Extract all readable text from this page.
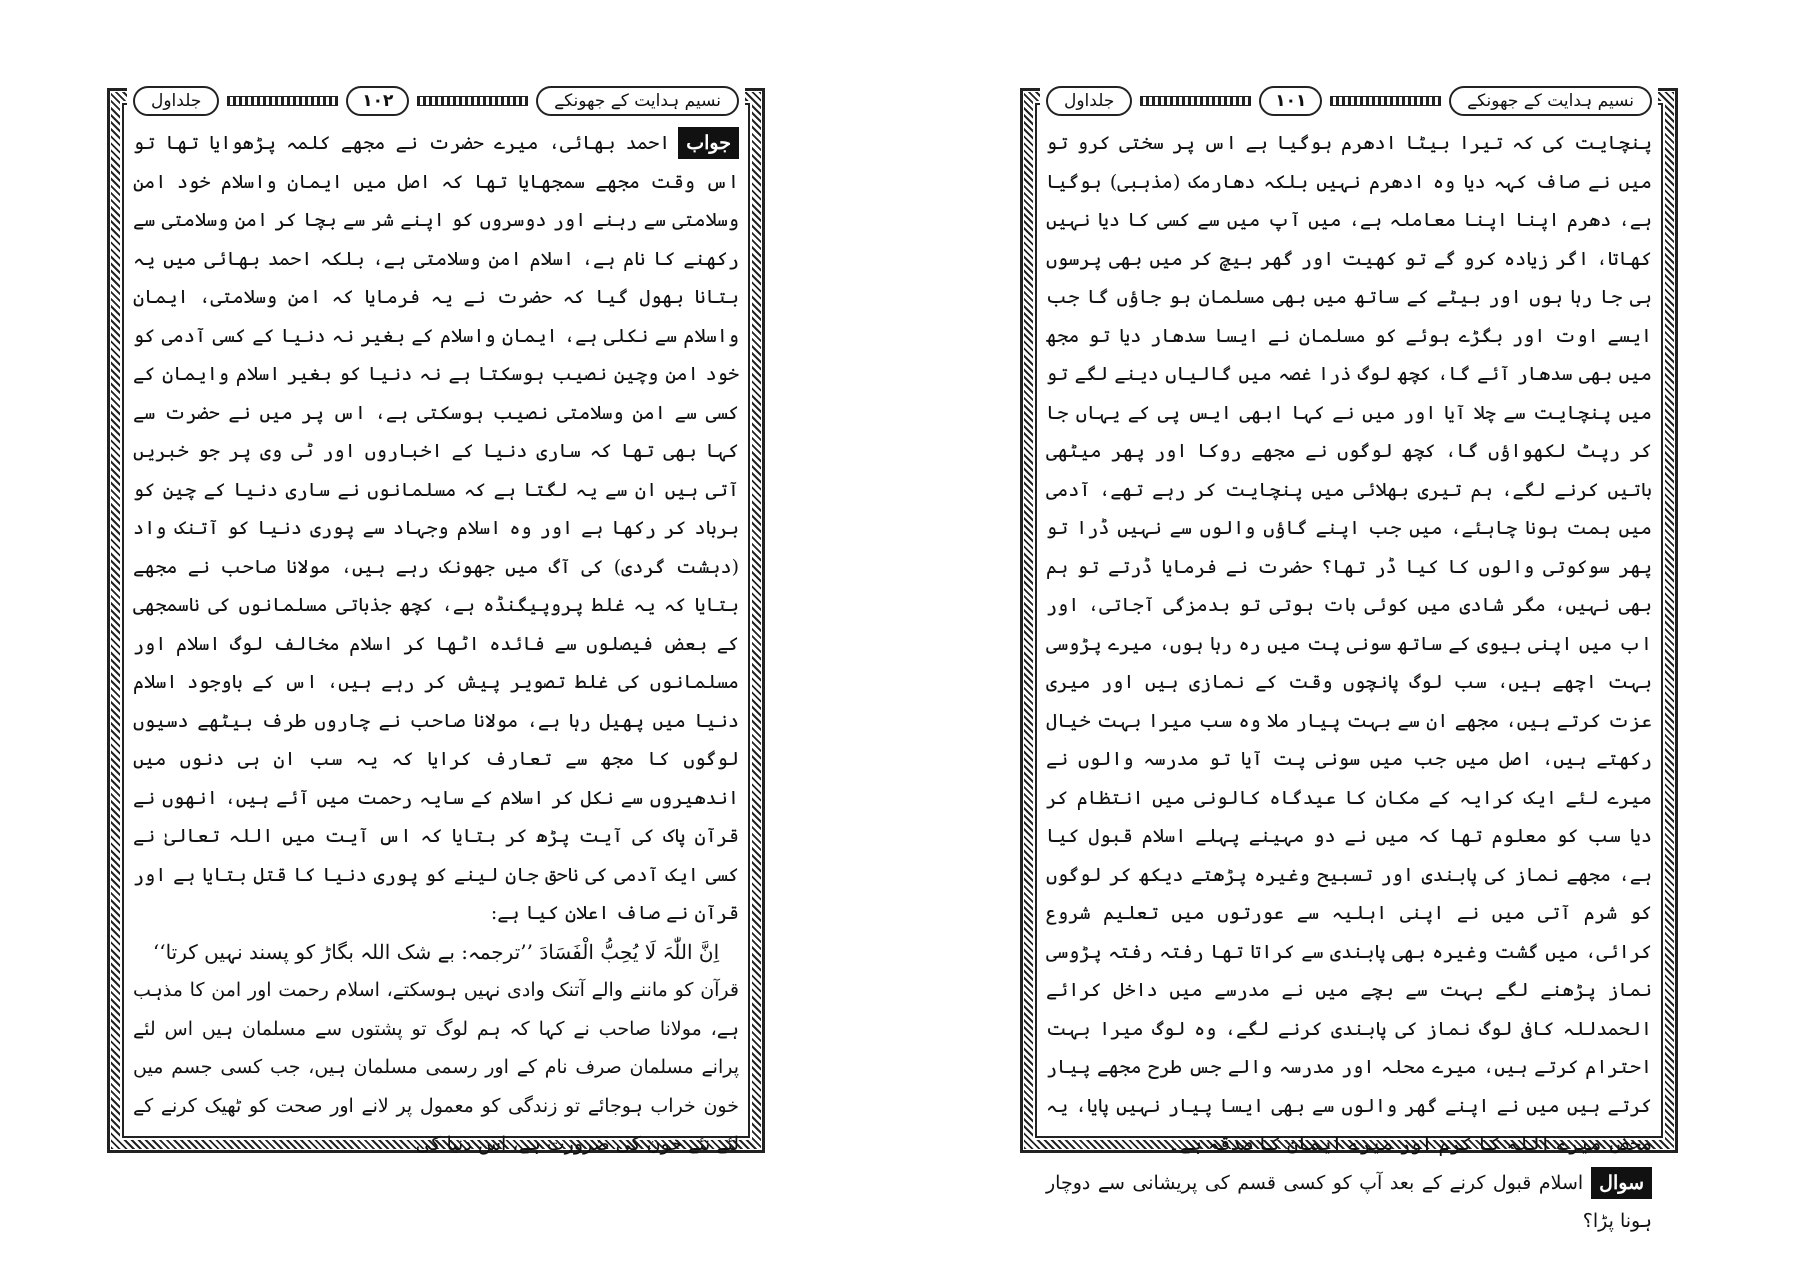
جلداول	۱۰۲	نسیم ہدایت کے جھونکے

جواباحمد بھائی، میرے حضرت نے مجھے کلمہ پڑھوایا تھا تو اس وقت مجھے سمجھایا تھا کہ اصل میں ایمان واسلام خود امن وسلامتی سے رہنے اور دوسروں کو اپنے شر سے بچا کر امن وسلامتی سے رکھنے کا نام ہے، اسلام امن وسلامتی ہے، بلکہ احمد بھائی میں یہ بتانا بھول گیا کہ حضرت نے یہ فرمایا کہ امن وسلامتی، ایمان واسلام سے نکلی ہے، ایمان واسلام کے بغیر نہ دنیا کے کسی آدمی کو خود امن وچین نصیب ہوسکتا ہے نہ دنیا کو بغیر اسلام وایمان کے کسی سے امن وسلامتی نصیب ہوسکتی ہے، اس پر میں نے حضرت سے کہا بھی تھا کہ ساری دنیا کے اخباروں اور ٹی وی پر جو خبریں آتی ہیں ان سے یہ لگتا ہے کہ مسلمانوں نے ساری دنیا کے چین کو برباد کر رکھا ہے اور وہ اسلام وجہاد سے پوری دنیا کو آتنک واد (دہشت گردی) کی آگ میں جھونک رہے ہیں، مولانا صاحب نے مجھے بتایا کہ یہ غلط پروپیگنڈہ ہے، کچھ جذباتی مسلمانوں کی ناسمجھی کے بعض فیصلوں سے فائدہ اٹھا کر اسلام مخالف لوگ اسلام اور مسلمانوں کی غلط تصویر پیش کر رہے ہیں، اس کے باوجود اسلام دنیا میں پھیل رہا ہے، مولانا صاحب نے چاروں طرف بیٹھے دسیوں لوگوں کا مجھ سے تعارف کرایا کہ یہ سب ان ہی دنوں میں اندھیروں سے نکل کر اسلام کے سایہ رحمت میں آئے ہیں، انھوں نے قرآن پاک کی آیت پڑھ کر بتایا کہ اس آیت میں اللہ تعالیٰ نے کسی ایک آدمی کی ناحق جان لینے کو پوری دنیا کا قتل بتایا ہے اور قرآن نے صاف اعلان کیا ہے:

اِنَّ اللّٰہَ لَا یُحِبُّ الْفَسَادَ ’’ترجمہ: بے شک اللہ بگاڑ کو پسند نہیں کرتا‘‘

قرآن کو ماننے والے آتنک وادی نہیں ہوسکتے، اسلام رحمت اور امن کا مذہب ہے، مولانا صاحب نے کہا کہ ہم لوگ تو پشتوں سے مسلمان ہیں اس لئے پرانے مسلمان صرف نام کے اور رسمی مسلمان ہیں، جب کسی جسم میں خون خراب ہوجائے تو زندگی کو معمول پر لانے اور صحت کو ٹھیک کرنے کے لئے نئے خون کی ضرورت ہے، اس دنیا کی

جلداول	۱۰۱	نسیم ہدایت کے جھونکے

پنچایت کی کہ تیرا بیٹا ادھرم ہوگیا ہے اس پر سختی کرو تو میں نے صاف کہہ دیا وہ ادھرم نہیں بلکہ دھارمک (مذہبی) ہوگیا ہے، دھرم اپنا اپنا معاملہ ہے، میں آپ میں سے کسی کا دیا نہیں کھاتا، اگر زیادہ کرو گے تو کھیت اور گھر بیچ کر میں بھی پرسوں ہی جا رہا ہوں اور بیٹے کے ساتھ میں بھی مسلمان ہو جاؤں گا جب ایسے اوت اور بگڑے ہوئے کو مسلمان نے ایسا سدھار دیا تو مجھ میں بھی سدھار آئے گا، کچھ لوگ ذرا غصہ میں گالیاں دینے لگے تو میں پنچایت سے چلا آیا اور میں نے کہا ابھی ایس پی کے یہاں جا کر رپٹ لکھواؤں گا، کچھ لوگوں نے مجھے روکا اور پھر میٹھی باتیں کرنے لگے، ہم تیری بھلائی میں پنچایت کر رہے تھے، آدمی میں ہمت ہونا چاہئے، میں جب اپنے گاؤں والوں سے نہیں ڈرا تو پھر سوکوتی والوں کا کیا ڈر تھا؟ حضرت نے فرمایا ڈرتے تو ہم بھی نہیں، مگر شادی میں کوئی بات ہوتی تو بدمزگی آجاتی، اور اب میں اپنی بیوی کے ساتھ سونی پت میں رہ رہا ہوں، میرے پڑوسی بہت اچھے ہیں، سب لوگ پانچوں وقت کے نمازی ہیں اور میری عزت کرتے ہیں، مجھے ان سے بہت پیار ملا وہ سب میرا بہت خیال رکھتے ہیں، اصل میں جب میں سونی پت آیا تو مدرسہ والوں نے میرے لئے ایک کرایہ کے مکان کا عیدگاہ کالونی میں انتظام کر دیا سب کو معلوم تھا کہ میں نے دو مہینے پہلے اسلام قبول کیا ہے، مجھے نماز کی پابندی اور تسبیح وغیرہ پڑھتے دیکھ کر لوگوں کو شرم آتی میں نے اپنی اہلیہ سے عورتوں میں تعلیم شروع کرائی، میں گشت وغیرہ بھی پابندی سے کراتا تھا رفتہ رفتہ پڑوسی نماز پڑھنے لگے بہت سے بچے میں نے مدرسے میں داخل کرائے الحمدللہ کافی لوگ نماز کی پابندی کرنے لگے، وہ لوگ میرا بہت احترام کرتے ہیں، میرے محلہ اور مدرسہ والے جس طرح مجھے پیار کرتے ہیں میں نے اپنے گھر والوں سے بھی ایسا پیار نہیں پایا، یہ محض میرے اللہ کا کرم اور میرے ایمان کا صدقہ ہے۔

سوالاسلام قبول کرنے کے بعد آپ کو کسی قسم کی پریشانی سے دوچار ہونا پڑا؟
